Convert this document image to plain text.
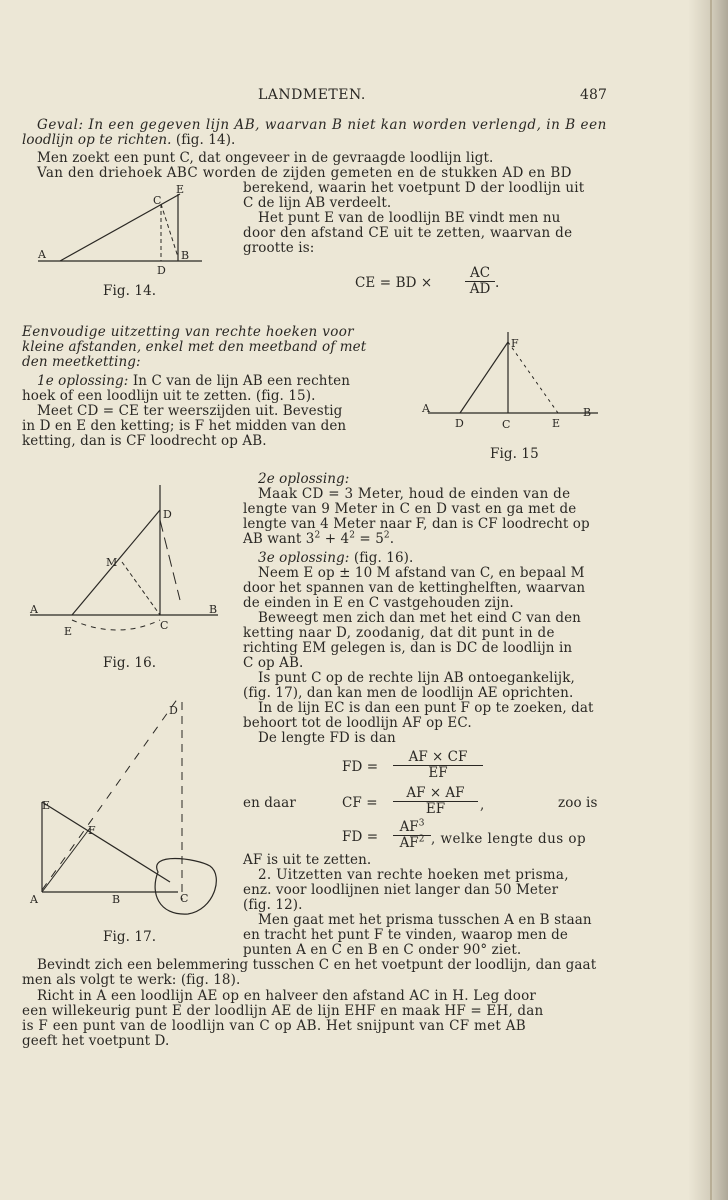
LANDMETEN.	487
Geval: In een gegeven lijn AB, waarvan B niet kan worden verlengd, in B een
loodlijn op te richten. (fig. 14).
Men zoekt een punt C, dat ongeveer in de gevraagde loodlijn ligt.
Van den driehoek ABC worden de zijden gemeten en de stukken AD en BD
berekend, waarin het voetpunt D der loodlijn uit
C de lijn AB verdeelt.
Het punt E van de loodlijn BE vindt men nu
door den afstand CE uit te zetten, waarvan de
grootte is:
CE = BD × $\frac{AC}{AD}$ .
A	B
C
D
E
Fig. 14.
Eenvoudige uitzetting van rechte hoeken voor
kleine afstanden, enkel met den meetband of met
den meetketting:
1e oplossing: In C van de lijn AB een rechten
hoek of een loodlijn uit te zetten. (fig. 15).
Meet CD = CE ter weerszijden uit. Bevestig
in D en E den ketting; is F het midden van den
ketting, dan is CF loodrecht op AB.
A	B
C
D	E
F
Fig. 15
2e oplossing:
Maak CD = 3 Meter, houd de einden van de
lengte van 9 Meter in C en D vast en ga met de
lengte van 4 Meter naar F, dan is CF loodrecht op
AB want $3^2 + 4^2 = 5^2$.
3e oplossing: (fig. 16).
Neem E op ± 10 M afstand van C, en bepaal M
door het spannen van de kettinghelften, waarvan
de einden in E en C vastgehouden zijn.
Beweegt men zich dan met het eind C van den
ketting naar D, zoodanig, dat dit punt in de
richting EM gelegen is, dan is DC de loodlijn in
C op AB.
Is punt C op de rechte lijn AB ontoegankelijk,
(fig. 17), dan kan men de loodlijn AE oprichten.
In de lijn EC is dan een punt F op te zoeken, dat
behoort tot de loodlijn AF op EC.
De lengte FD is dan
A	B
C
D
E
M
Fig. 16.
FD = $\frac{AF \times CF}{EF}$
en daar	CF = $\frac{AF \times AF}{EF}$ ,	zoo is
FD = $\frac{AF^3}{AF^2}$ , welke lengte dus op
AF is uit te zetten.
2. Uitzetten van rechte hoeken met prisma,
enz. voor loodlijnen niet langer dan 50 Meter
(fig. 12).
Men gaat met het prisma tusschen A en B staan
en tracht het punt F te vinden, waarop men de
punten A en C en B en C onder 90° ziet.
E
F
A	B	C
D
Fig. 17.
Bevindt zich een belemmering tusschen C en het voetpunt der loodlijn, dan gaat
men als volgt te werk: (fig. 18).
Richt in A een loodlijn AE op en halveer den afstand AC in H. Leg door
een willekeurig punt E der loodlijn AE de lijn EHF en maak HF = EH, dan
is F een punt van de loodlijn van C op AB. Het snijpunt van CF met AB
geeft het voetpunt D.
